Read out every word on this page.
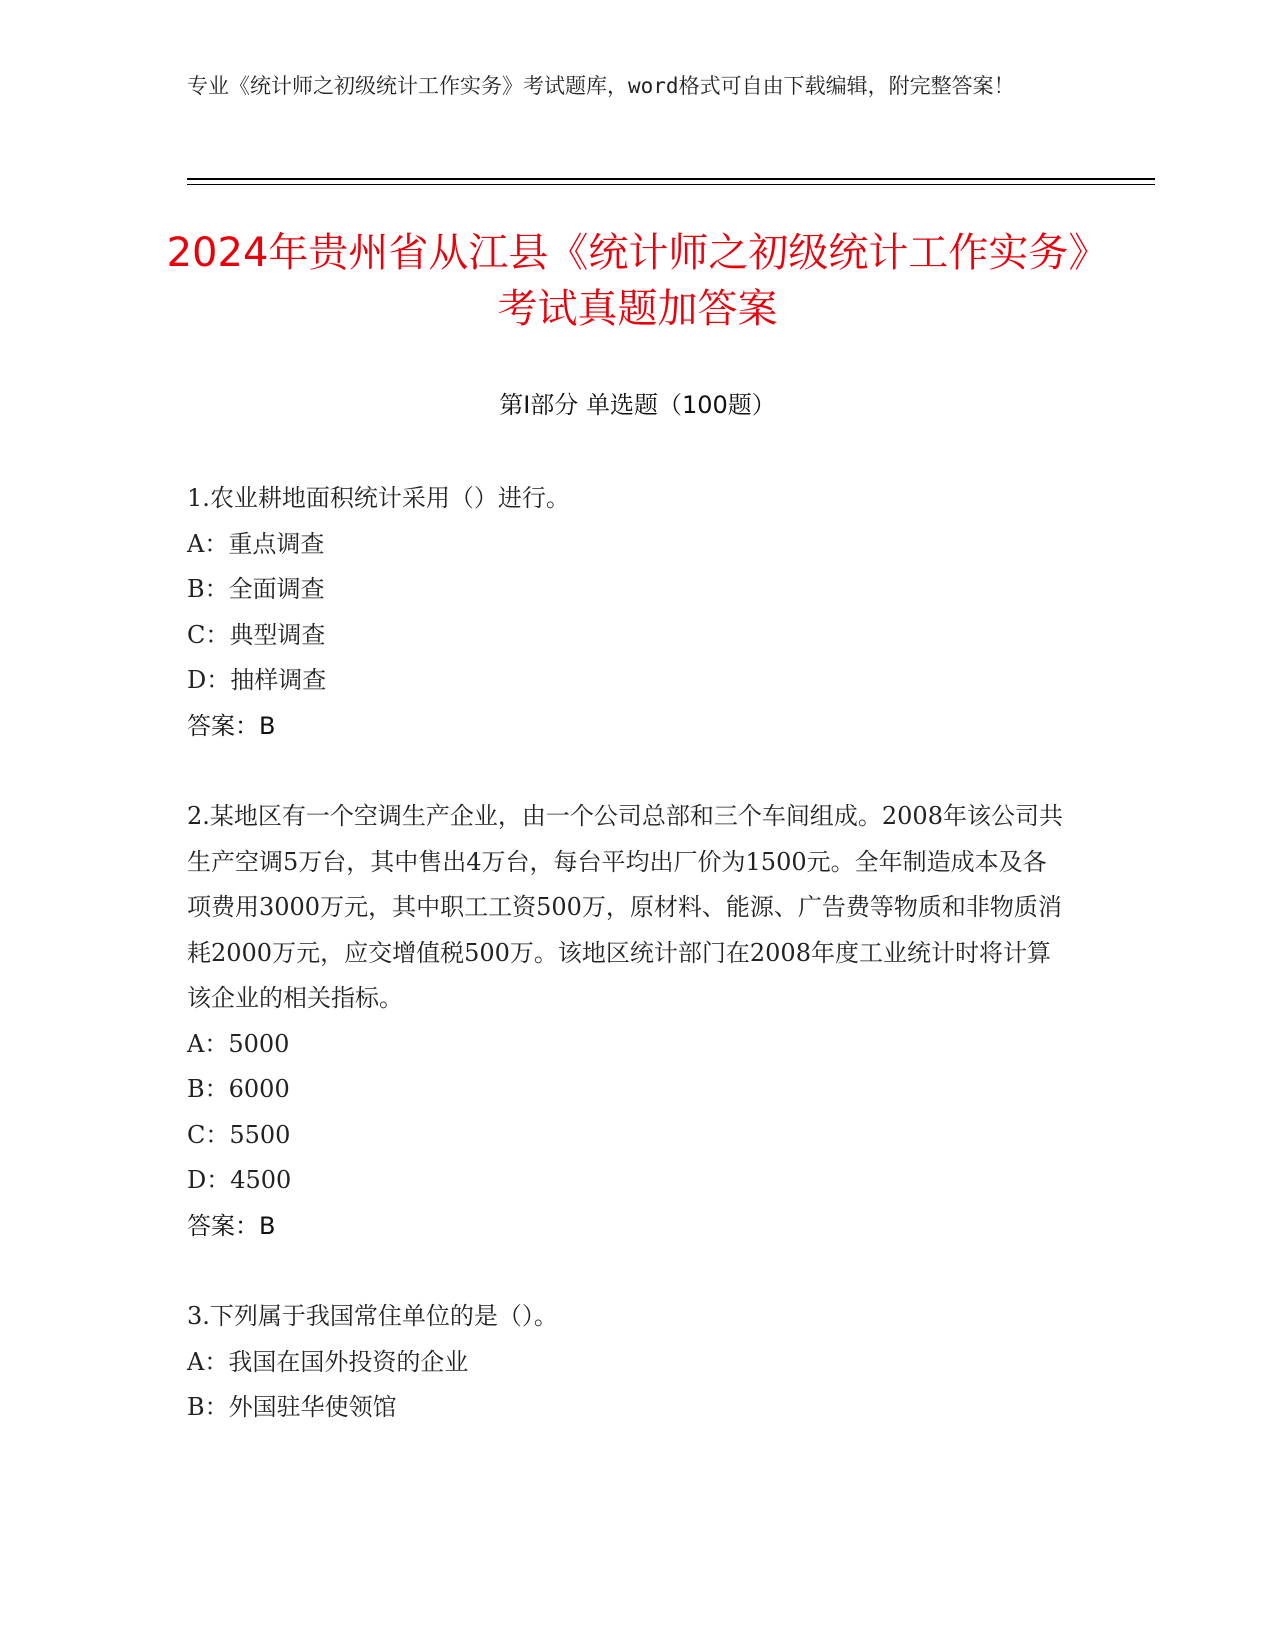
专业《统计师之初级统计工作实务》考试题库，word格式可自由下载编辑，附完整答案！
2024年贵州省从江县《统计师之初级统计工作实务》考试真题加答案
第I部分 单选题（100题）

1.农业耕地面积统计采用（）进行。

A：重点调查

B：全面调查

C：典型调查

D：抽样调查

答案：B

2.某地区有一个空调生产企业，由一个公司总部和三个车间组成。2008年该公司共生产空调5万台，其中售出4万台，每台平均出厂价为1500元。全年制造成本及各项费用3000万元，其中职工工资500万，原材料、能源、广告费等物质和非物质消耗2000万元，应交增值税500万。该地区统计部门在2008年度工业统计时将计算该企业的相关指标。

A：5000

B：6000

C：5500

D：4500

答案：B

3.下列属于我国常住单位的是（）。

A：我国在国外投资的企业

B：外国驻华使领馆
